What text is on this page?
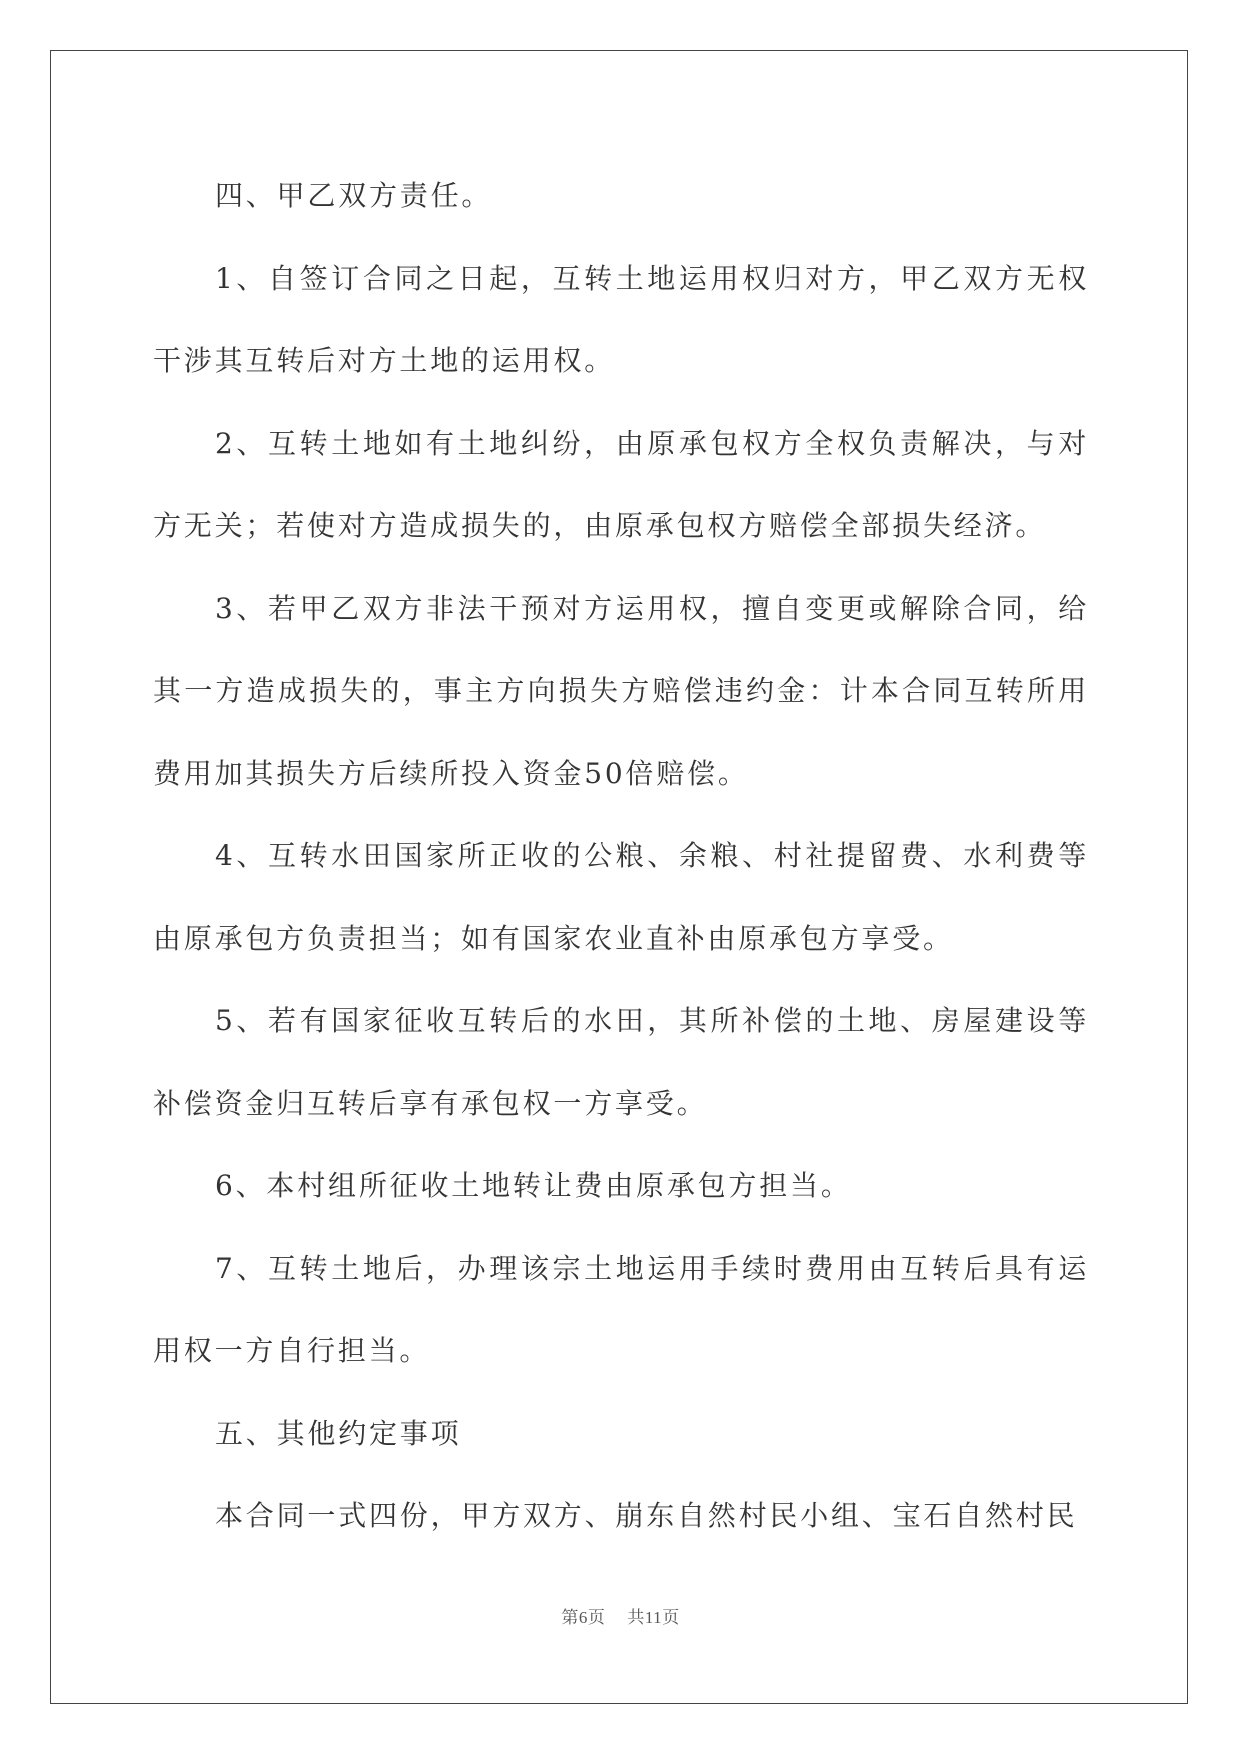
四、甲乙双方责任。

1、自签订合同之日起，互转土地运用权归对方，甲乙双方无权干涉其互转后对方土地的运用权。

2、互转土地如有土地纠纷，由原承包权方全权负责解决，与对方无关；若使对方造成损失的，由原承包权方赔偿全部损失经济。

3、若甲乙双方非法干预对方运用权，擅自变更或解除合同，给其一方造成损失的，事主方向损失方赔偿违约金：计本合同互转所用费用加其损失方后续所投入资金50倍赔偿。

4、互转水田国家所正收的公粮、余粮、村社提留费、水利费等由原承包方负责担当；如有国家农业直补由原承包方享受。

5、若有国家征收互转后的水田，其所补偿的土地、房屋建设等补偿资金归互转后享有承包权一方享受。

6、本村组所征收土地转让费由原承包方担当。

7、互转土地后，办理该宗土地运用手续时费用由互转后具有运用权一方自行担当。

五、其他约定事项

本合同一式四份，甲方双方、崩东自然村民小组、宝石自然村民

第6页 共11页
